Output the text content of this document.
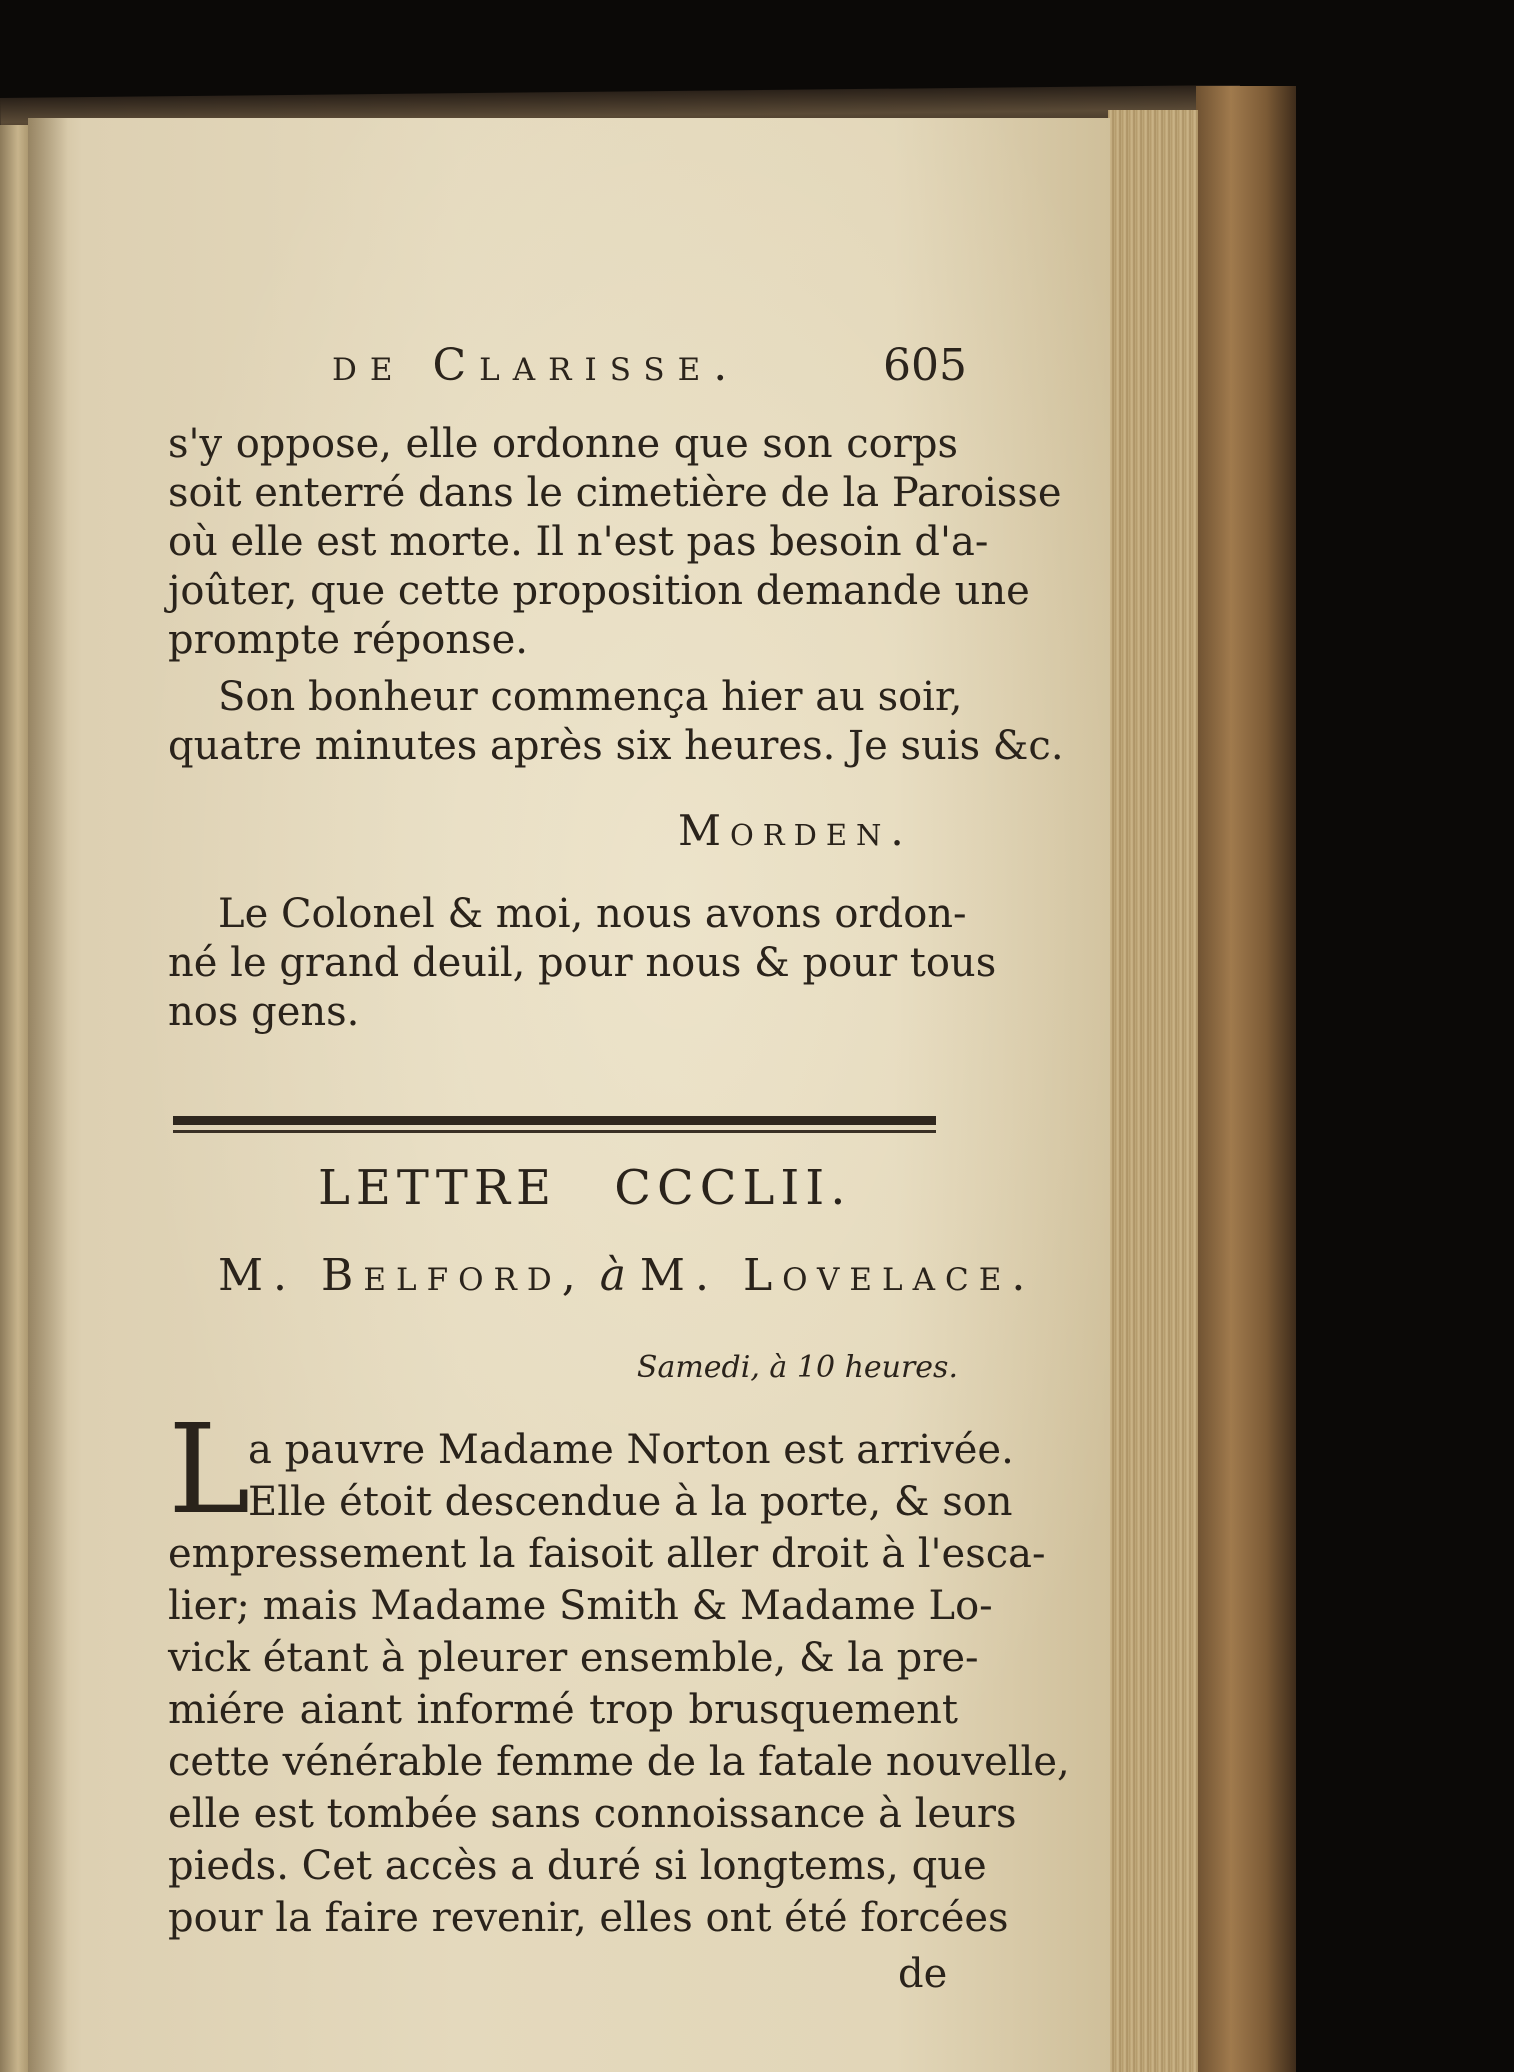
de Clarisse.	605
s'y oppose, elle ordonne que son corps
soit enterré dans le cimetière de la Paroisse
où elle est morte. Il n'est pas besoin d'a-
joûter, que cette proposition demande une
prompte réponse.
Son bonheur commença hier au soir,
quatre minutes après six heures. Je suis &c.
Morden.
Le Colonel & moi, nous avons ordon-
né le grand deuil, pour nous & pour tous
nos gens.
LETTRE CCCLII.
M. Belford, à M. Lovelace.
Samedi, à 10 heures.
L
a pauvre Madame Norton est arrivée.
Elle étoit descendue à la porte, & son
empressement la faisoit aller droit à l'esca-
lier; mais Madame Smith & Madame Lo-
vick étant à pleurer ensemble, & la pre-
miére aiant informé trop brusquement
cette vénérable femme de la fatale nouvelle,
elle est tombée sans connoissance à leurs
pieds. Cet accès a duré si longtems, que
pour la faire revenir, elles ont été forcées
de
